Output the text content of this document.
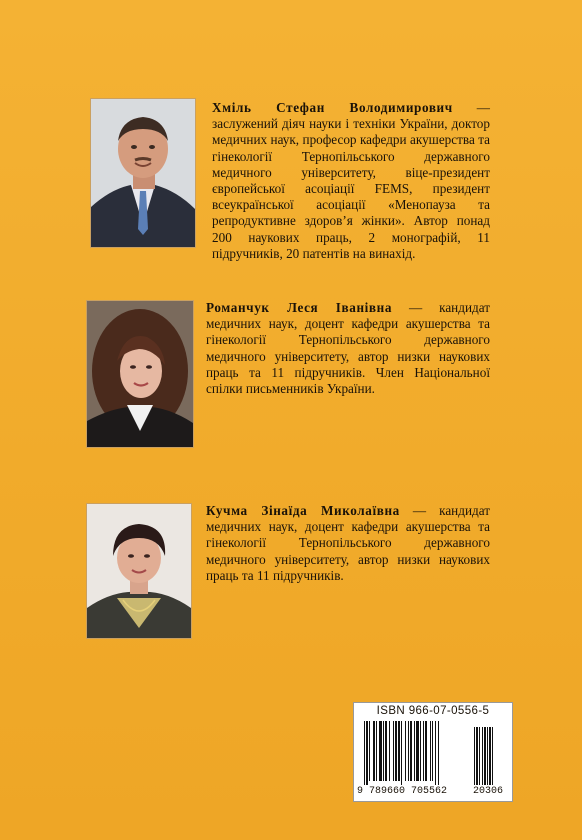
Хміль Стефан Володимирович — заслужений діяч науки і техніки України, доктор медичних наук, професор кафедри акушерства та гінекології Тернопільського державного медичного університету, віце-президент європейської асоціації FEMS, президент всеукраїнської асоціації «Менопауза та репродуктивне здоров’я жінки». Автор понад 200 наукових праць, 2 монографій, 11 підручників, 20 патентів на винахід.
Романчук Леся Іванівна — кандидат медичних наук, доцент кафедри акушерства та гінекології Тернопільського державного медичного університету, автор низки наукових праць та 11 підручників. Член Національної спілки письменників України.
Кучма Зінаїда Миколаївна — кандидат медичних наук, доцент кафедри акушерства та гінекології Тернопільського державного медичного університету, автор низки наукових праць та 11 підручників.
ISBN 966-07-0556-5
9 789660 705562	20306
